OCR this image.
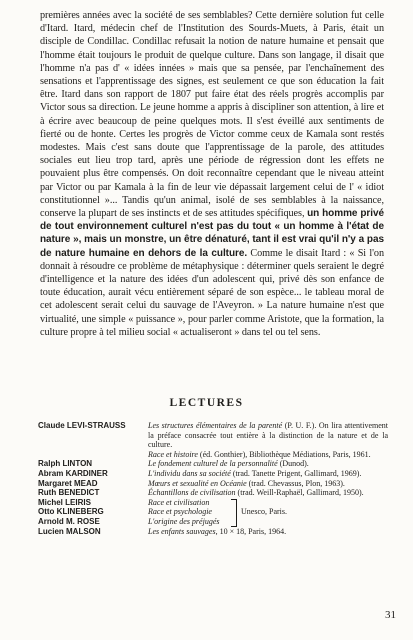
premières années avec la société de ses semblables? Cette dernière solution fut celle d'Itard. Itard, médecin chef de l'Institution des Sourds-Muets, à Paris, était un disciple de Condillac. Condillac refusait la notion de nature humaine et pensait que l'homme était toujours le produit de quelque culture. Dans son langage, il disait que l'homme n'a pas d' « idées innées » mais que sa pensée, par l'enchaînement des sensations et l'apprentissage des signes, est seulement ce que son éducation la fait être. Itard dans son rapport de 1807 put faire état des réels progrès accomplis par Victor sous sa direction. Le jeune homme a appris à discipliner son attention, à lire et à écrire avec beaucoup de peine quelques mots. Il s'est éveillé aux sentiments de fierté ou de honte. Certes les progrès de Victor comme ceux de Kamala sont restés modestes. Mais c'est sans doute que l'apprentissage de la parole, des attitudes sociales eut lieu trop tard, après une période de régression dont les effets ne pouvaient plus être compensés. On doit reconnaître cependant que le niveau atteint par Victor ou par Kamala à la fin de leur vie dépassait largement celui de l' « idiot constitutionnel »... Tandis qu'un animal, isolé de ses semblables à la naissance, conserve la plupart de ses instincts et de ses attitudes spécifiques, un homme privé de tout environnement culturel n'est pas du tout « un homme à l'état de nature », mais un monstre, un être dénaturé, tant il est vrai qu'il n'y a pas de nature humaine en dehors de la culture. Comme le disait Itard : « Si l'on donnait à résoudre ce problème de métaphysique : déterminer quels seraient le degré d'intelligence et la nature des idées d'un adolescent qui, privé dès son enfance de toute éducation, aurait vécu entièrement séparé de son espèce... le tableau moral de cet adolescent serait celui du sauvage de l'Aveyron. » La nature humaine n'est que virtualité, une simple « puissance », pour parler comme Aristote, que la formation, la culture propre à tel milieu social « actualiseront » dans tel ou tel sens.
LECTURES
Claude LEVI-STRAUSS	Les structures élémentaires de la parenté (P. U. F.). On lira attentivement la préface consacrée tout entière à la distinction de la nature et de la culture.
Race et histoire (éd. Gonthier), Bibliothèque Médiations, Paris, 1961.
Ralph LINTON	Le fondement culturel de la personnalité (Dunod).
Abram KARDINER	L'individu dans sa société (trad. Tanette Prigent, Gallimard, 1969).
Margaret MEAD	Mœurs et sexualité en Océanie (trad. Chevassus, Plon, 1963).
Ruth BENEDICT	Échantillons de civilisation (trad. Weill-Raphaël, Gallimard, 1950).
Michel LEIRIS	Race et civilisation
Otto KLINEBERG	Race et psychologie
Arnold M. ROSE	L'origine des préjugés
Unesco, Paris.
Lucien MALSON	Les enfants sauvages, 10 × 18, Paris, 1964.
31
